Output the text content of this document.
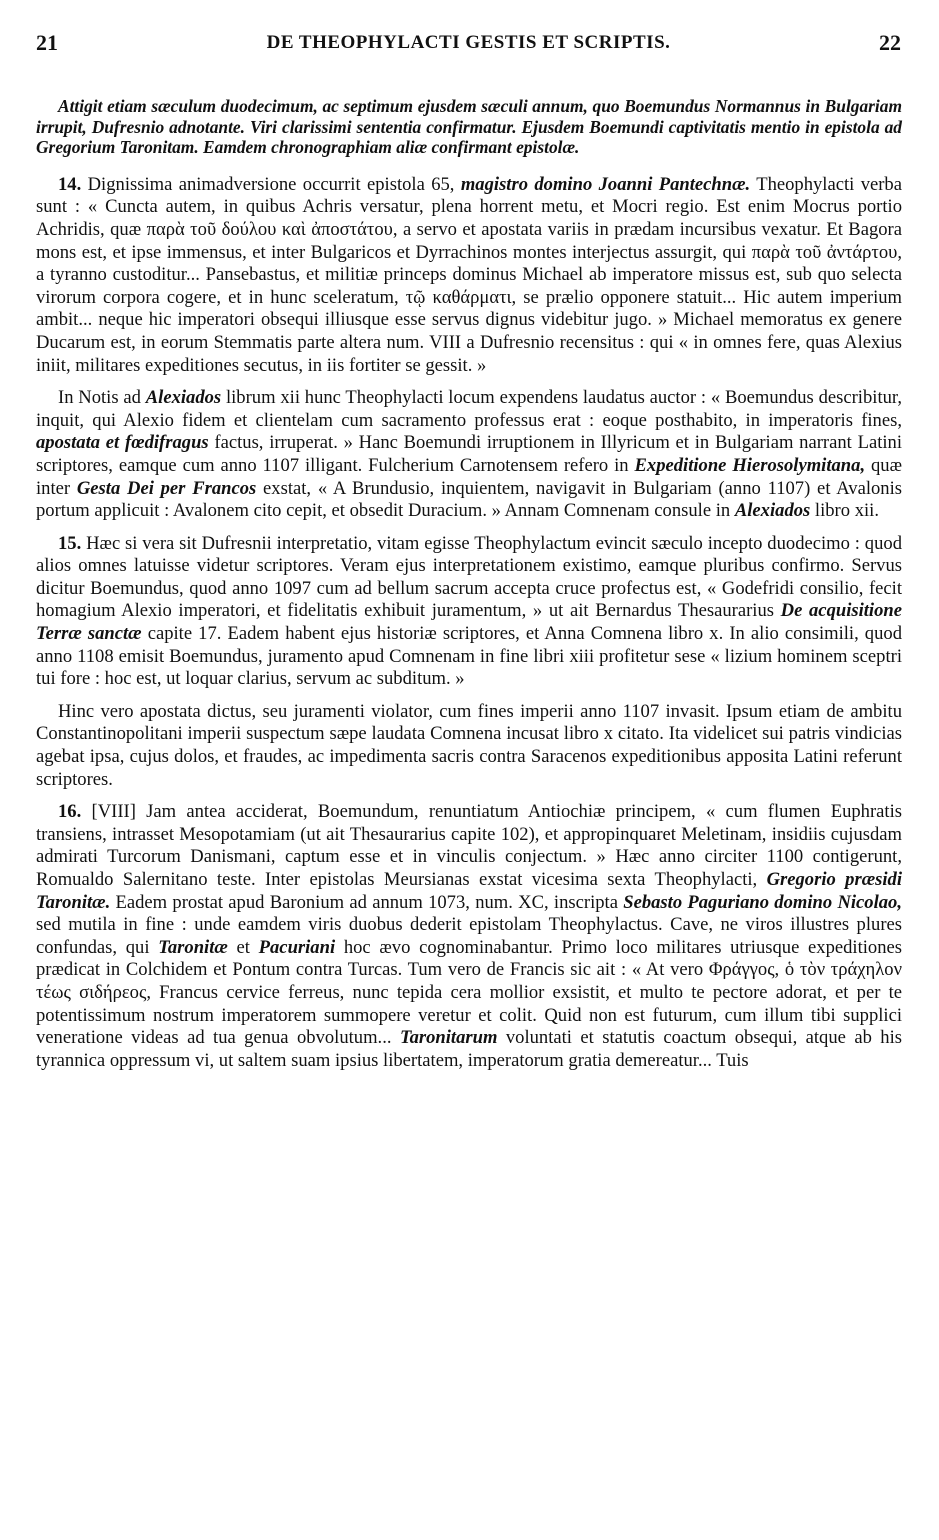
21	DE THEOPHYLACTI GESTIS ET SCRIPTIS.	22

Attigit etiam sæculum duodecimum, ac septimum ejusdem sæculi annum, quo Boemundus Normannus in Bulgariam irrupit, Dufresnio adnotante. Viri clarissimi sententia confirmatur. Ejusdem Boemundi captivitatis mentio in epistola ad Gregorium Taronitam. Eamdem chronographiam aliæ confirmant epistolæ.

14. Dignissima animadversione occurrit epistola 65, magistro domino Joanni Pantechnæ. Theophylacti verba sunt : « Cuncta autem, in quibus Achris versatur, plena horrent metu, et Mocri regio. Est enim Mocrus portio Achridis, quæ παρὰ τοῦ δούλου καὶ ἀποστάτου, a servo et apostata variis in prædam incursibus vexatur. Et Bagora mons est, et ipse immensus, et inter Bulgaricos et Dyrrachinos montes interjectus assurgit, qui παρὰ τοῦ ἀντάρτου, a tyranno custoditur... Pansebastus, et militiæ princeps dominus Michael ab imperatore missus est, sub quo selecta virorum corpora cogere, et in hunc sceleratum, τῷ καθάρματι, se prælio opponere statuit... Hic autem imperium ambit... neque hic imperatori obsequi illiusque esse servus dignus videbitur jugo. » Michael memoratus ex genere Ducarum est, in eorum Stemmatis parte altera num. VIII a Dufresnio recensitus : qui « in omnes fere, quas Alexius iniit, militares expeditiones secutus, in iis fortiter se gessit. »

In Notis ad Alexiados librum xii hunc Theophylacti locum expendens laudatus auctor : « Boemundus describitur, inquit, qui Alexio fidem et clientelam cum sacramento professus erat : eoque posthabito, in imperatoris fines, apostata et fœdifragus factus, irruperat. » Hanc Boemundi irruptionem in Illyricum et in Bulgariam narrant Latini scriptores, eamque cum anno 1107 illigant. Fulcherium Carnotensem refero in Expeditione Hierosolymitana, quæ inter Gesta Dei per Francos exstat, « A Brundusio, inquientem, navigavit in Bulgariam (anno 1107) et Avalonis portum applicuit : Avalonem cito cepit, et obsedit Duracium. » Annam Comnenam consule in Alexiados libro xii.

15. Hæc si vera sit Dufresnii interpretatio, vitam egisse Theophylactum evincit sæculo incepto duodecimo : quod alios omnes latuisse videtur scriptores. Veram ejus interpretationem existimo, eamque pluribus confirmo. Servus dicitur Boemundus, quod anno 1097 cum ad bellum sacrum accepta cruce profectus est, « Godefridi consilio, fecit homagium Alexio imperatori, et fidelitatis exhibuit juramentum, » ut ait Bernardus Thesaurarius De acquisitione Terræ sanctæ capite 17. Eadem habent ejus historiæ scriptores, et Anna Comnena libro x. In alio consimili, quod anno 1108 emisit Boemundus, juramento apud Comnenam in fine libri xiii profitetur sese « lizium hominem sceptri tui fore : hoc est, ut loquar clarius, servum ac subditum. »

Hinc vero apostata dictus, seu juramenti violator, cum fines imperii anno 1107 invasit. Ipsum etiam de ambitu Constantinopolitani imperii suspectum sæpe laudata Comnena incusat libro x citato. Ita videlicet sui patris vindicias agebat ipsa, cujus dolos, et fraudes, ac impedimenta sacris contra Saracenos expeditionibus apposita Latini referunt scriptores.

16. [VIII] Jam antea acciderat, Boemundum, renuntiatum Antiochiæ principem, « cum flumen Euphratis transiens, intrasset Mesopotamiam (ut ait Thesaurarius capite 102), et appropinquaret Meletinam, insidiis cujusdam admirati Turcorum Danismani, captum esse et in vinculis conjectum. » Hæc anno circiter 1100 contigerunt, Romualdo Salernitano teste. Inter epistolas Meursianas exstat vicesima sexta Theophylacti, Gregorio præsidi Taronitæ. Eadem prostat apud Baronium ad annum 1073, num. XC, inscripta Sebasto Paguriano domino Nicolao, sed mutila in fine : unde eamdem viris duobus dederit epistolam Theophylactus. Cave, ne viros illustres plures confundas, qui Taronitæ et Pacuriani hoc ævo cognominabantur. Primo loco militares utriusque expeditiones prædicat in Colchidem et Pontum contra Turcas. Tum vero de Francis sic ait : « At vero Φράγγος, ὁ τὸν τράχηλον τέως σιδήρεος, Francus cervice ferreus, nunc tepida cera mollior exsistit, et multo te pectore adorat, et per te potentissimum nostrum imperatorem summopere veretur et colit. Quid non est futurum, cum illum tibi supplici veneratione videas ad tua genua obvolutum... Taronitarum voluntati et statutis coactum obsequi, atque ab his tyrannica oppressum vi, ut saltem suam ipsius libertatem, imperatorum gratia demereatur... Tuis
